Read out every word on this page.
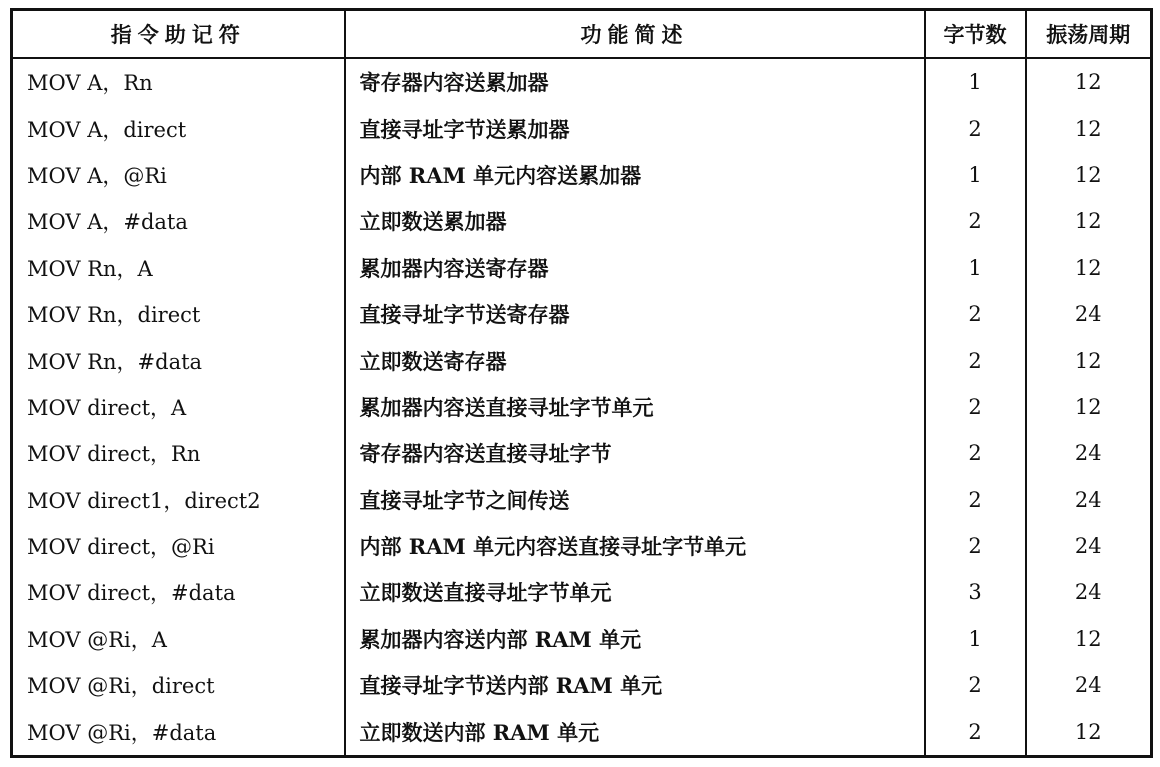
指令助记符	功能简述	字节数	振荡周期
MOV A，Rn	寄存器内容送累加器	1	12
MOV A，direct	直接寻址字节送累加器	2	12
MOV A，@Ri	内部 RAM 单元内容送累加器	1	12
MOV A，#data	立即数送累加器	2	12
MOV Rn，A	累加器内容送寄存器	1	12
MOV Rn，direct	直接寻址字节送寄存器	2	24
MOV Rn，#data	立即数送寄存器	2	12
MOV direct，A	累加器内容送直接寻址字节单元	2	12
MOV direct，Rn	寄存器内容送直接寻址字节	2	24
MOV direct1，direct2	直接寻址字节之间传送	2	24
MOV direct，@Ri	内部 RAM 单元内容送直接寻址字节单元	2	24
MOV direct，#data	立即数送直接寻址字节单元	3	24
MOV @Ri，A	累加器内容送内部 RAM 单元	1	12
MOV @Ri，direct	直接寻址字节送内部 RAM 单元	2	24
MOV @Ri，#data	立即数送内部 RAM 单元	2	12
